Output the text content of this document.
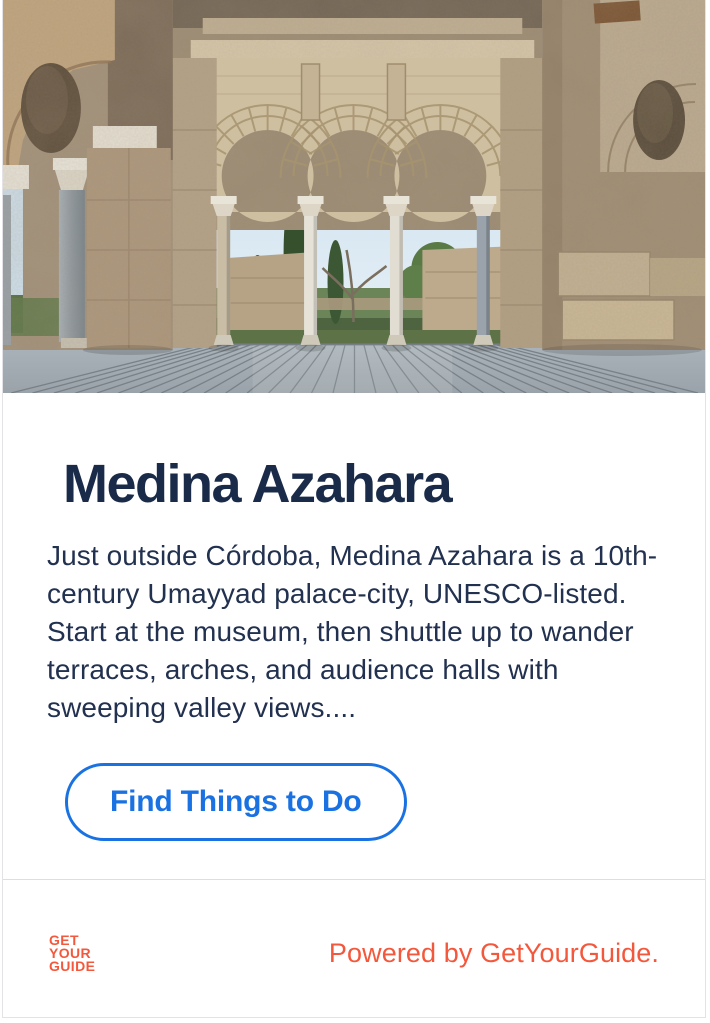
Medina Azahara

Just outside Córdoba, Medina Azahara is a 10th-century Umayyad palace-city, UNESCO-listed. Start at the museum, then shuttle up to wander terraces, arches, and audience halls with sweeping valley views....

Find Things to Do
GET
YOUR
GUIDE	Powered by GetYourGuide.
